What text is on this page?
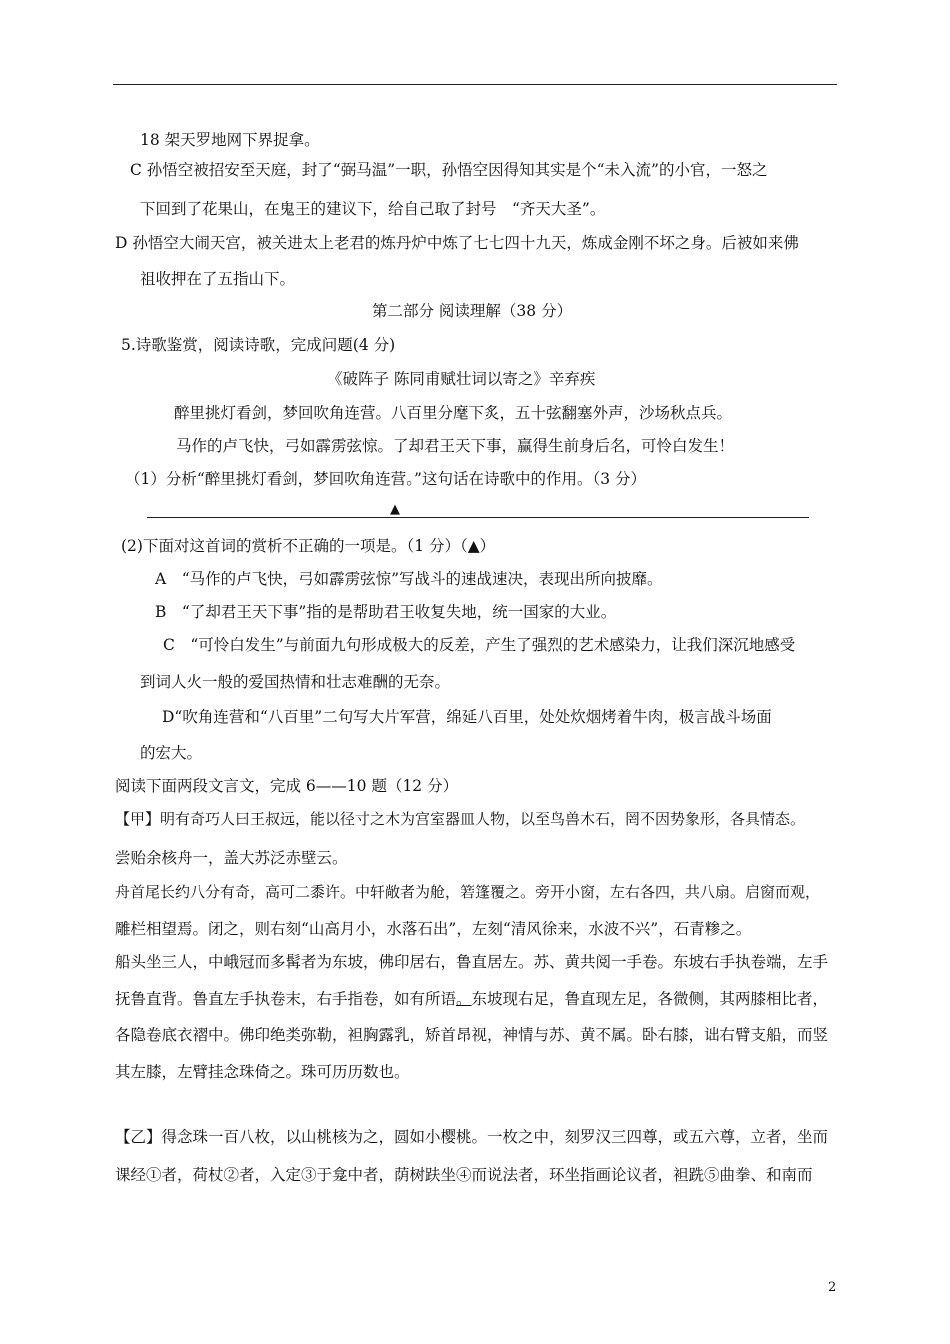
18 架天罗地网下界捉拿。
C 孙悟空被招安至天庭，封了“弼马温”一职，孙悟空因得知其实是个“未入流”的小官，一怒之
下回到了花果山，在鬼王的建议下，给自己取了封号　“齐天大圣”。
D 孙悟空大闹天宫，被关进太上老君的炼丹炉中炼了七七四十九天，炼成金刚不坏之身。后被如来佛
祖收押在了五指山下。
第二部分 阅读理解（38 分）
5.诗歌鉴赏，阅读诗歌，完成问题(4 分)
《破阵子 陈同甫赋壮词以寄之》辛弃疾
醉里挑灯看剑，梦回吹角连营。八百里分麾下炙，五十弦翻塞外声，沙场秋点兵。
马作的卢飞快，弓如霹雳弦惊。了却君王天下事，赢得生前身后名，可怜白发生！
（1）分析“醉里挑灯看剑，梦回吹角连营。”这句话在诗歌中的作用。（3 分）
▲
(2)下面对这首词的赏析不正确的一项是。（1 分）（▲）
A　“马作的卢飞快，弓如霹雳弦惊”写战斗的速战速决，表现出所向披靡。
B　“了却君王天下事”指的是帮助君王收复失地，统一国家的大业。
C　“可怜白发生”与前面九句形成极大的反差，产生了强烈的艺术感染力，让我们深沉地感受
到词人火一般的爱国热情和壮志难酬的无奈。
D“吹角连营和“八百里”二句写大片军营，绵延八百里，处处炊烟烤着牛肉，极言战斗场面
的宏大。
阅读下面两段文言文，完成 6——10 题（12 分）
【甲】明有奇巧人曰王叔远，能以径寸之木为宫室器皿人物，以至鸟兽木石，罔不因势象形，各具情态。
尝贻余核舟一，盖大苏泛赤壁云。
舟首尾长约八分有奇，高可二黍许。中轩敞者为舱，箬篷覆之。旁开小窗，左右各四，共八扇。启窗而观，
雕栏相望焉。闭之，则右刻“山高月小，水落石出”，左刻“清风徐来，水波不兴”，石青糁之。
船头坐三人，中峨冠而多髯者为东坡，佛印居右，鲁直居左。苏、黄共阅一手卷。东坡右手执卷端，左手
抚鲁直背。鲁直左手执卷末，右手指卷，如有所语。东坡现右足，鲁直现左足，各微侧，其两膝相比者，
各隐卷底衣褶中。佛印绝类弥勒，袒胸露乳，矫首昂视，神情与苏、黄不属。卧右膝，诎右臂支船，而竖
其左膝，左臂挂念珠倚之。珠可历历数也。
【乙】得念珠一百八枚，以山桃核为之，圆如小樱桃。一枚之中，刻罗汉三四尊，或五六尊，立者，坐而
课经①者，荷杖②者，入定③于龛中者，荫树趺坐④而说法者，环坐指画论议者，袒跣⑤曲拳、和南而
2
